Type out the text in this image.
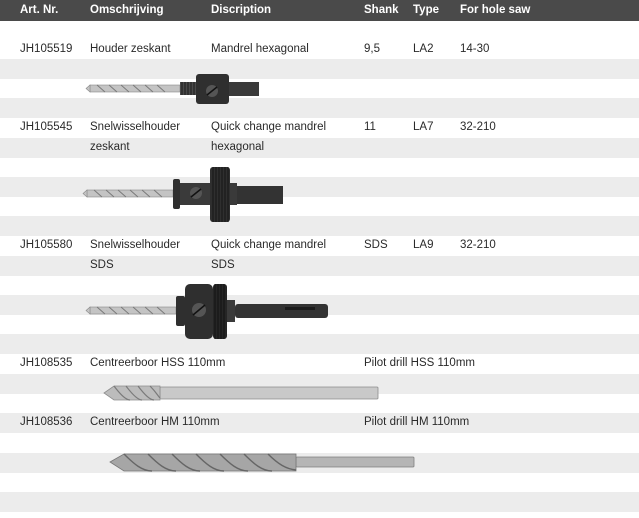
Art. Nr.	Omschrijving	Discription	Shank Type For hole saw
JH105519 Houder zeskant	Mandrel hexagonal	9,5	LA2 14-30
JH105545 Snelwisselhouder	Quick change mandrel	11	LA7 32-210
zeskant	hexagonal
JH105580 Snelwisselhouder	Quick change mandrel	SDS LA9 32-210
SDS	SDS
JH108535 Centreerboor HSS 110mm	Pilot drill HSS 110mm
JH108536 Centreerboor HM 110mm	Pilot drill HM 110mm
